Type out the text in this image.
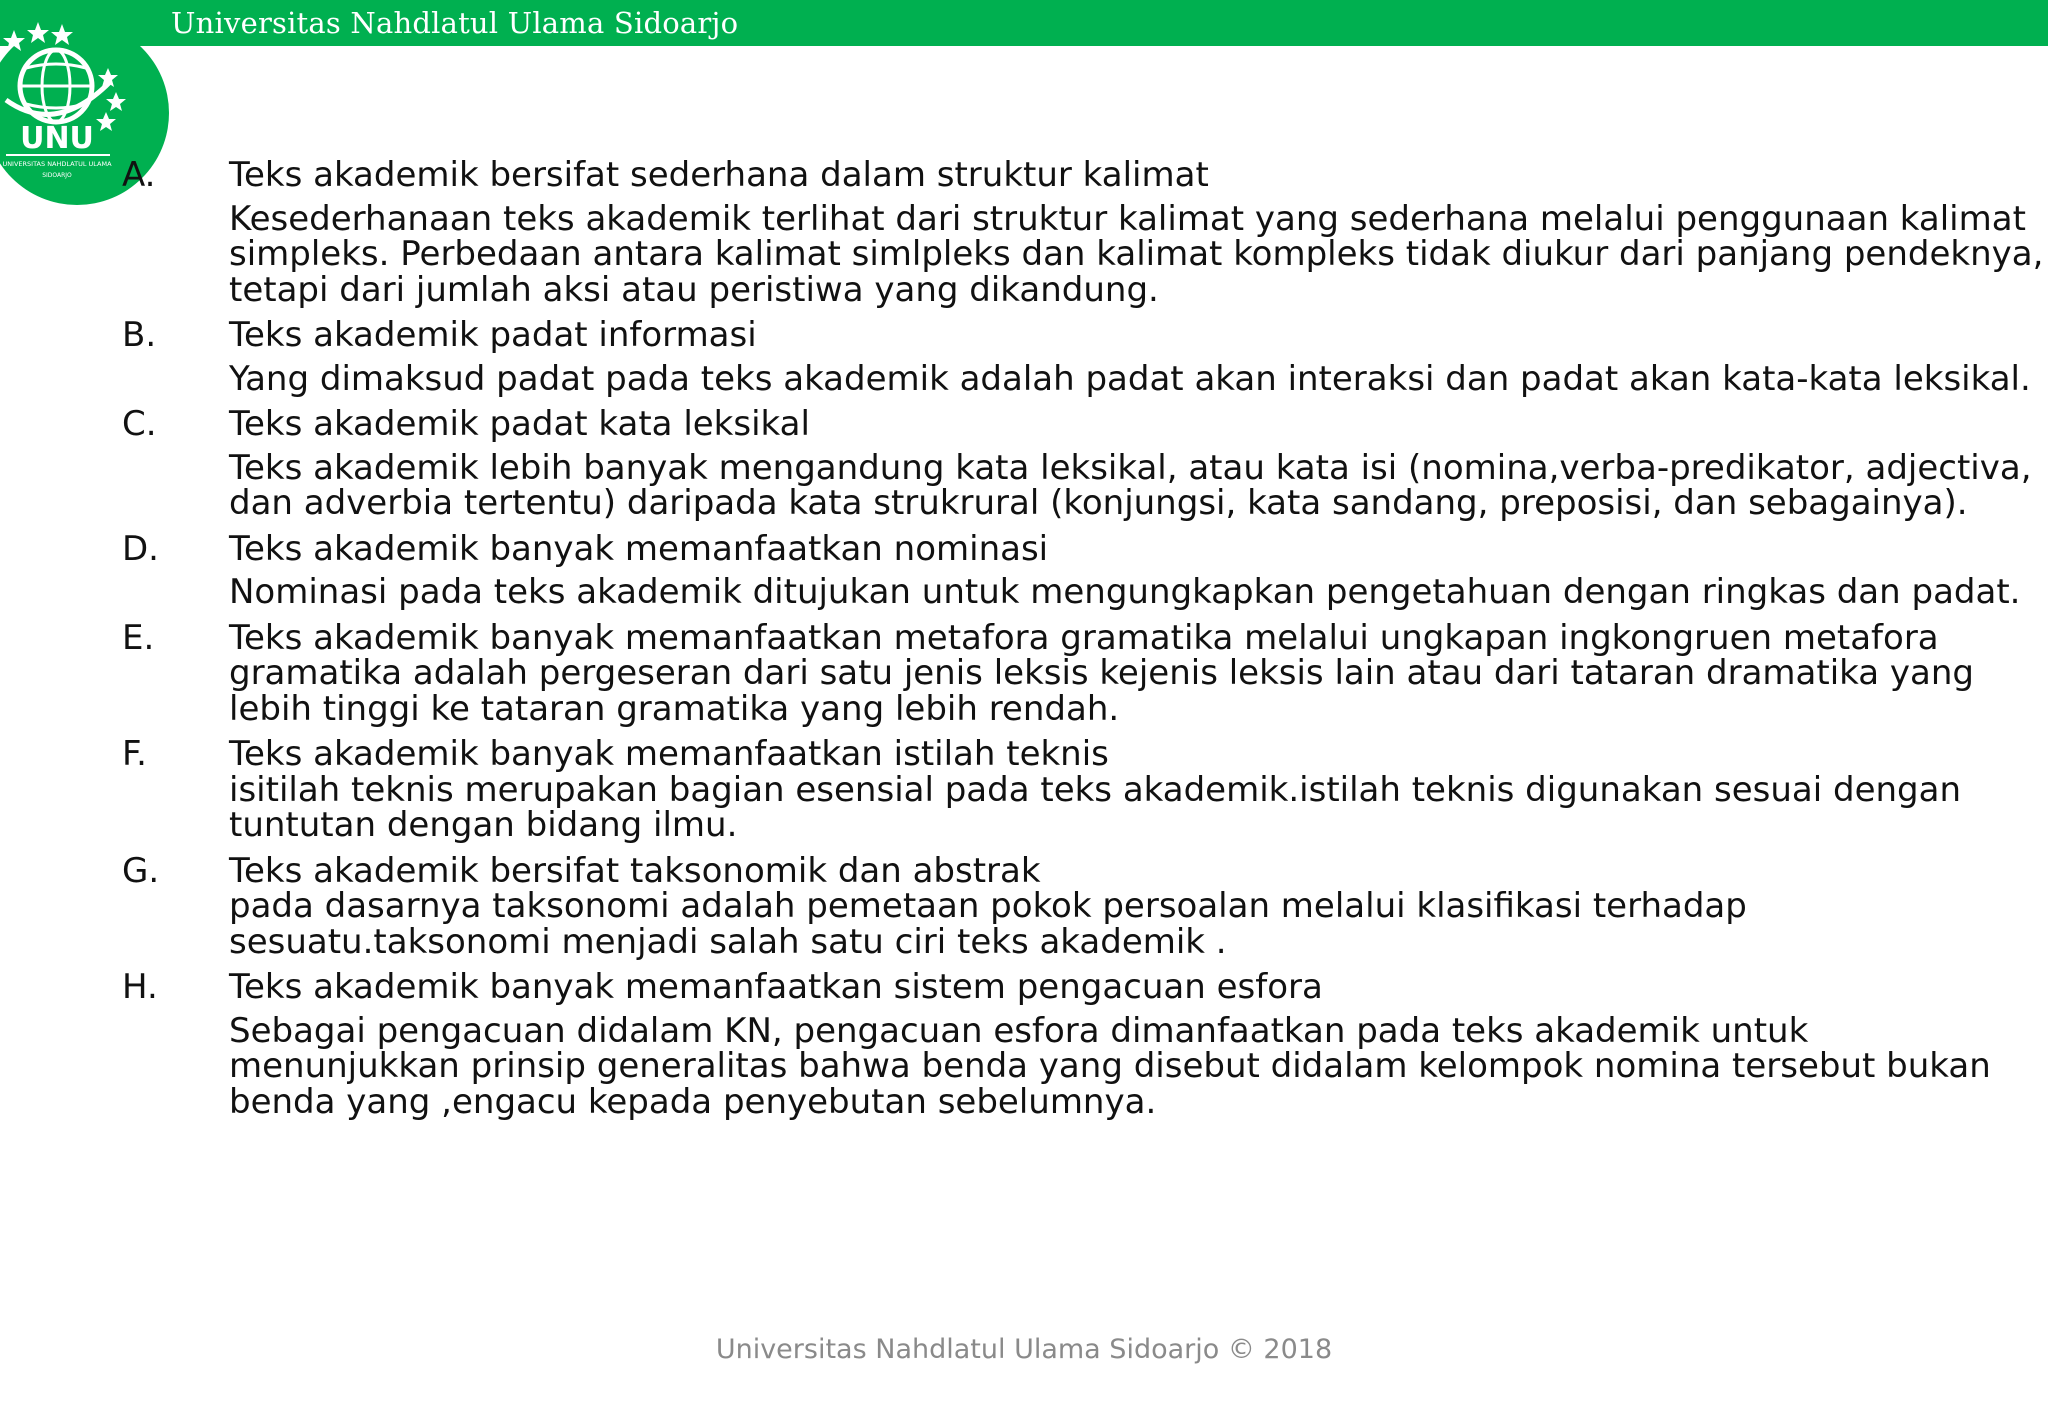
Universitas Nahdlatul Ulama Sidoarjo
UNU
UNIVERSITAS NAHDLATUL ULAMA
SIDOARJO A. Teks akademik bersifat sederhana dalam struktur kalimat
Kesederhanaan teks akademik terlihat dari struktur kalimat yang sederhana melalui penggunaan kalimat simpleks. Perbedaan antara kalimat simlpleks dan kalimat kompleks tidak diukur dari panjang pendeknya, tetapi dari jumlah aksi atau peristiwa yang dikandung.
B. Teks akademik padat informasi
Yang dimaksud padat pada teks akademik adalah padat akan interaksi dan padat akan kata-kata leksikal.
C. Teks akademik padat kata leksikal
Teks akademik lebih banyak mengandung kata leksikal, atau kata isi (nomina,verba-predikator, adjectiva, dan adverbia tertentu) daripada kata strukrural (konjungsi, kata sandang, preposisi, dan sebagainya).
D. Teks akademik banyak memanfaatkan nominasi
Nominasi pada teks akademik ditujukan untuk mengungkapkan pengetahuan dengan ringkas dan padat.
E. Teks akademik banyak memanfaatkan metafora gramatika melalui ungkapan ingkongruen metafora gramatika adalah pergeseran dari satu jenis leksis kejenis leksis lain atau dari tataran dramatika yang lebih tinggi ke tataran gramatika yang lebih rendah.
F. Teks akademik banyak memanfaatkan istilah teknis
isitilah teknis merupakan bagian esensial pada teks akademik.istilah teknis digunakan sesuai dengan tuntutan dengan bidang ilmu.
G. Teks akademik bersifat taksonomik dan abstrak
pada dasarnya taksonomi adalah pemetaan pokok persoalan melalui klasifikasi terhadap sesuatu.taksonomi menjadi salah satu ciri teks akademik .
H. Teks akademik banyak memanfaatkan sistem pengacuan esfora
Sebagai pengacuan didalam KN, pengacuan esfora dimanfaatkan pada teks akademik untuk menunjukkan prinsip generalitas bahwa benda yang disebut didalam kelompok nomina tersebut bukan benda yang ,engacu kepada penyebutan sebelumnya.
Universitas Nahdlatul Ulama Sidoarjo © 2018
